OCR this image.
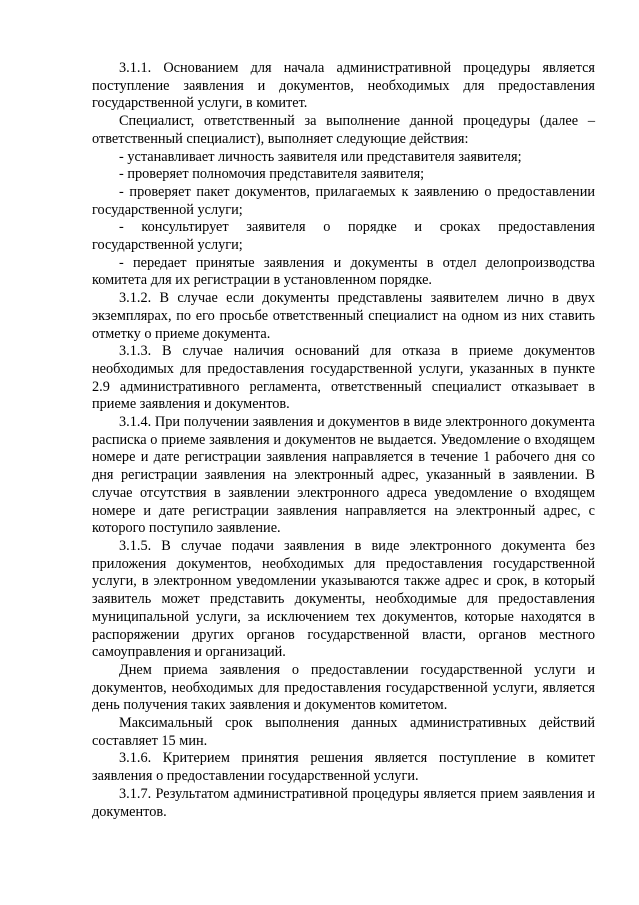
3.1.1. Основанием для начала административной процедуры является поступление заявления и документов, необходимых для предоставления государственной услуги, в комитет.

Специалист, ответственный за выполнение данной процедуры (далее – ответственный специалист), выполняет следующие действия:

- устанавливает личность заявителя или представителя заявителя;

- проверяет полномочия представителя заявителя;

- проверяет пакет документов, прилагаемых к заявлению о предоставлении государственной услуги;

- консультирует заявителя о порядке и сроках предоставления государственной услуги;

- передает принятые заявления и документы в отдел делопроизводства комитета для их регистрации в установленном порядке.

3.1.2. В случае если документы представлены заявителем лично в двух экземплярах, по его просьбе ответственный специалист на одном из них ставить отметку о приеме документа.

3.1.3. В случае наличия оснований для отказа в приеме документов необходимых для предоставления государственной услуги, указанных в пункте 2.9 административного регламента, ответственный специалист отказывает в приеме заявления и документов.

3.1.4. При получении заявления и документов в виде электронного документа расписка о приеме заявления и документов не выдается. Уведомление о входящем номере и дате регистрации заявления направляется в течение 1 рабочего дня со дня регистрации заявления на электронный адрес, указанный в заявлении. В случае отсутствия в заявлении электронного адреса уведомление о входящем номере и дате регистрации заявления направляется на электронный адрес, с которого поступило заявление.

3.1.5. В случае подачи заявления в виде электронного документа без приложения документов, необходимых для предоставления государственной услуги, в электронном уведомлении указываются также адрес и срок, в который заявитель может представить документы, необходимые для предоставления муниципальной услуги, за исключением тех документов, которые находятся в распоряжении других органов государственной власти, органов местного самоуправления и организаций.

Днем приема заявления о предоставлении государственной услуги и документов, необходимых для предоставления государственной услуги, является день получения таких заявления и документов комитетом.

Максимальный срок выполнения данных административных действий составляет 15 мин.

3.1.6. Критерием принятия решения является поступление в комитет заявления о предоставлении государственной услуги.

3.1.7. Результатом административной процедуры является прием заявления и документов.
